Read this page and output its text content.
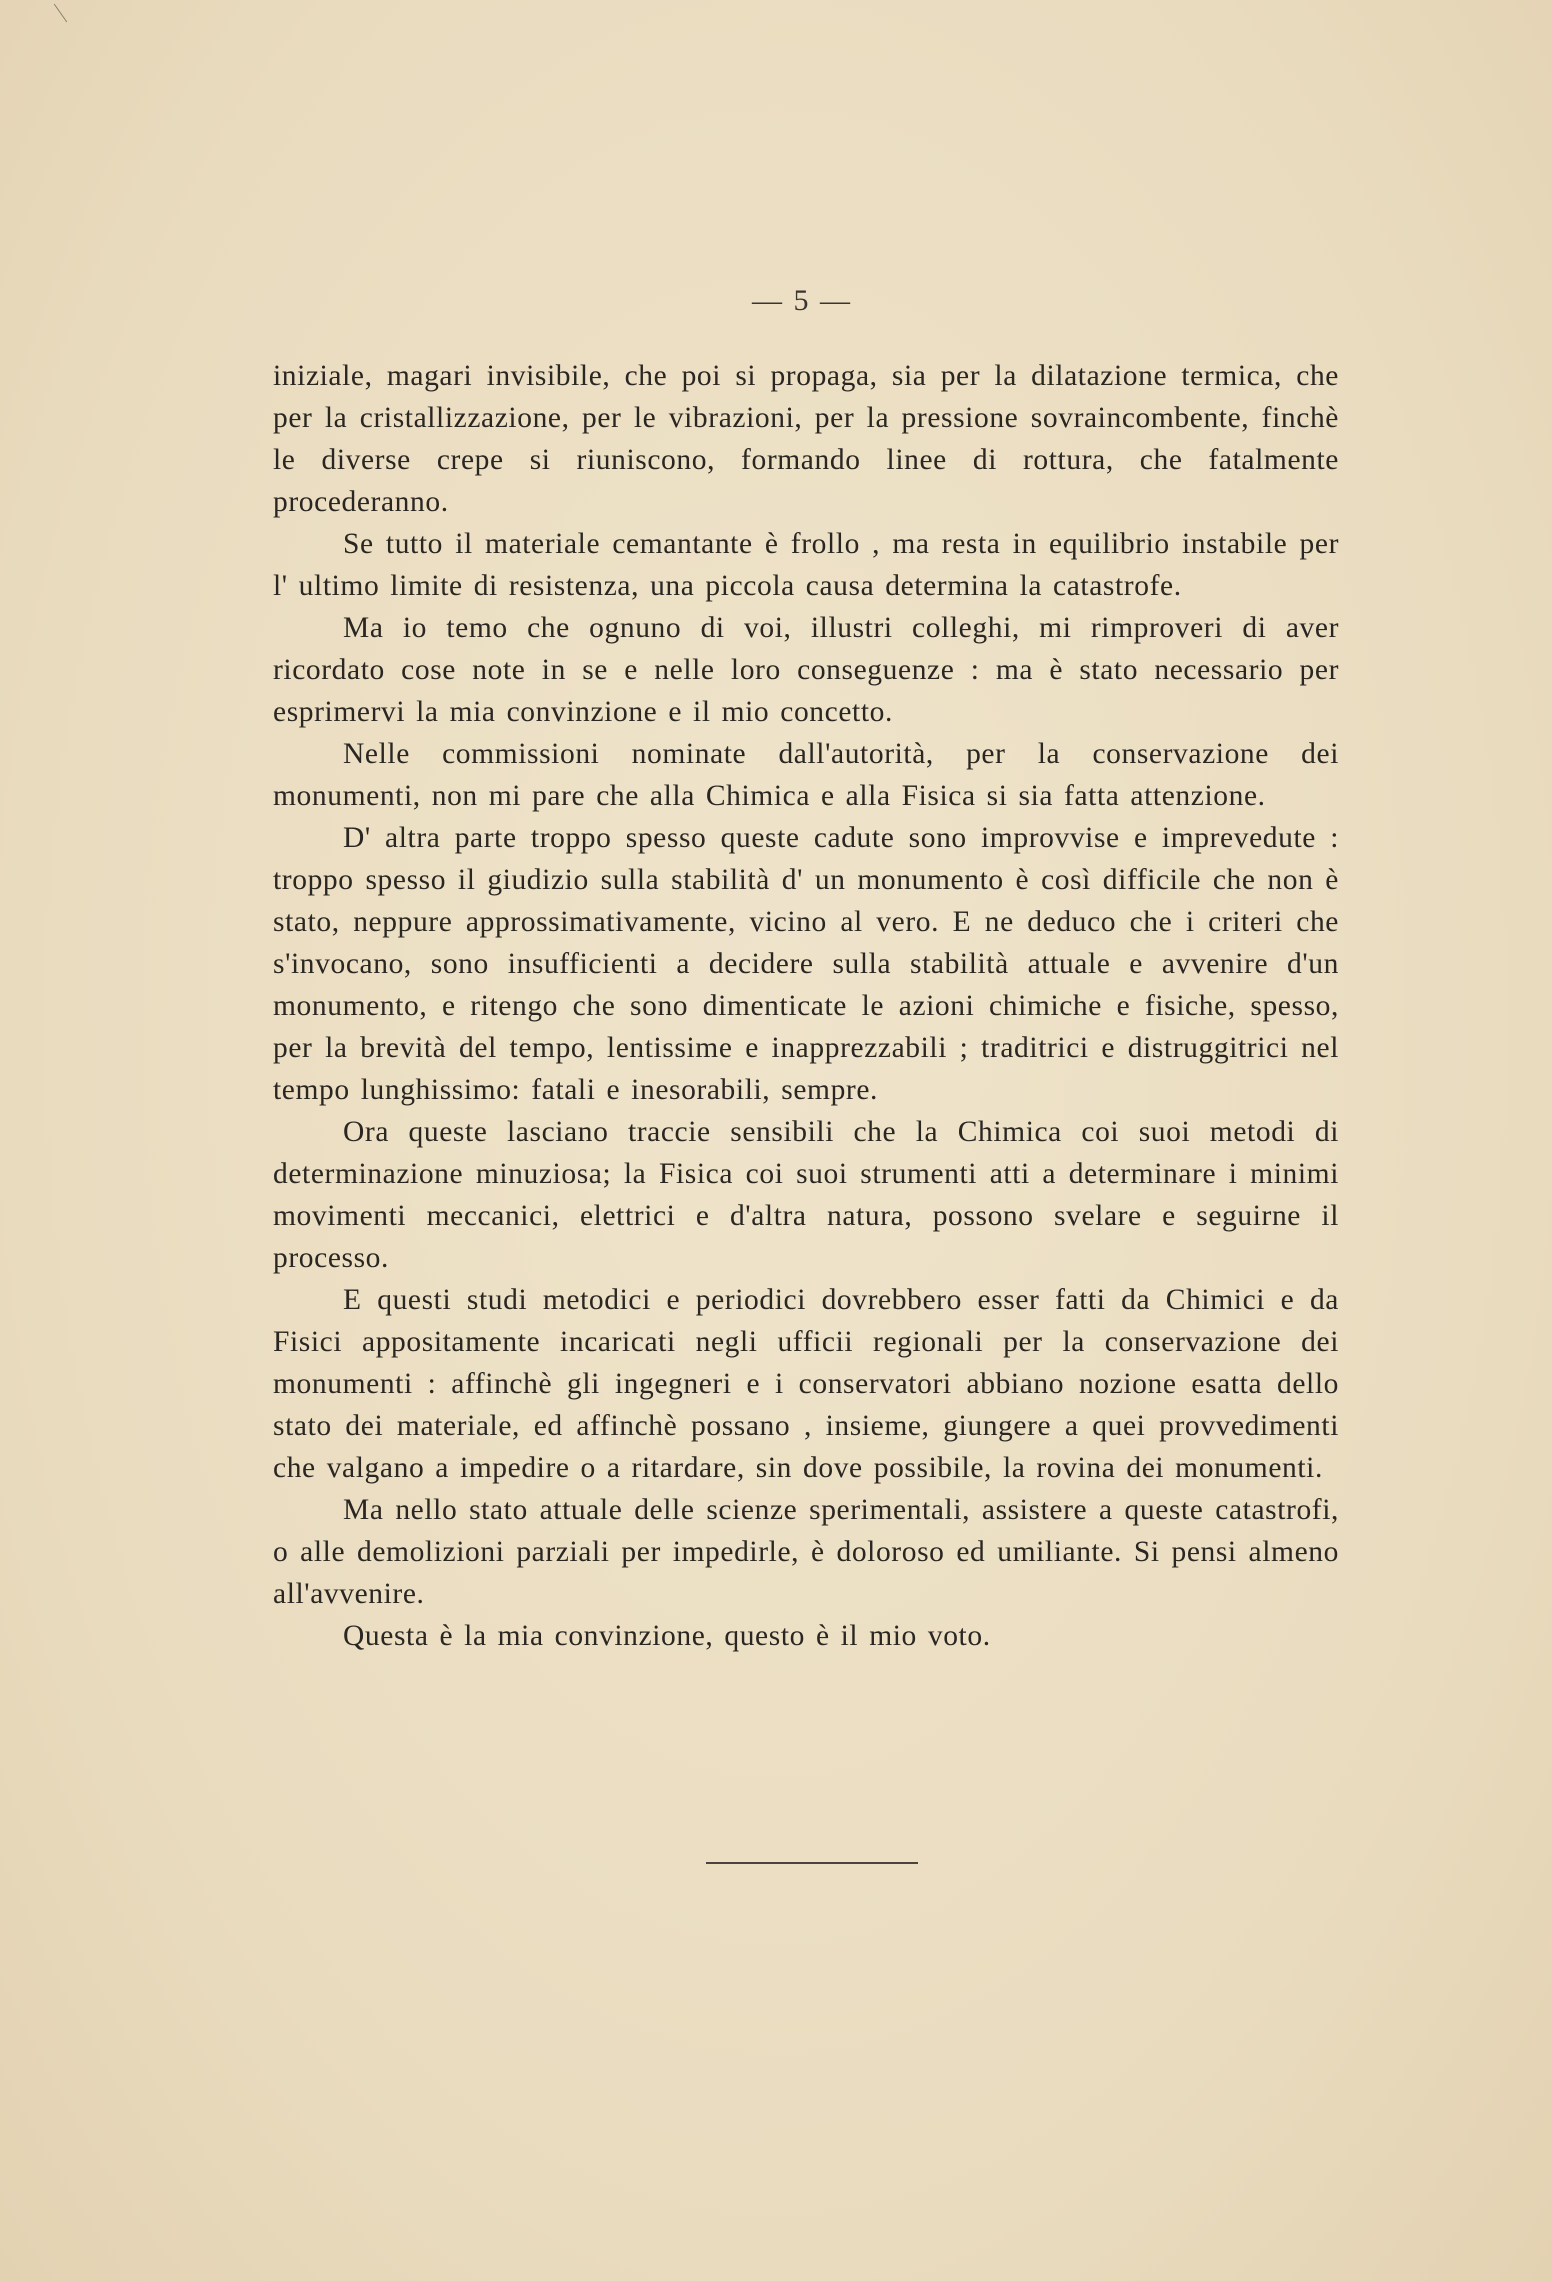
— 5 —

iniziale, magari invisibile, che poi si propaga, sia per la dilatazione termica, che per la cristallizzazione, per le vibrazioni, per la pressione sovraincombente, finchè le diverse crepe si riuniscono, formando linee di rottura, che fatalmente procederanno.

Se tutto il materiale cemantante è frollo , ma resta in equilibrio instabile per l' ultimo limite di resistenza, una piccola causa determina la catastrofe.

Ma io temo che ognuno di voi, illustri colleghi, mi rimproveri di aver ricordato cose note in se e nelle loro conseguenze : ma è stato necessario per esprimervi la mia convinzione e il mio concetto.

Nelle commissioni nominate dall'autorità, per la conservazione dei monumenti, non mi pare che alla Chimica e alla Fisica si sia fatta attenzione.

D' altra parte troppo spesso queste cadute sono improvvise e imprevedute : troppo spesso il giudizio sulla stabilità d' un monumento è così difficile che non è stato, neppure approssimativamente, vicino al vero. E ne deduco che i criteri che s'invocano, sono insufficienti a decidere sulla stabilità attuale e avvenire d'un monumento, e ritengo che sono dimenticate le azioni chimiche e fisiche, spesso, per la brevità del tempo, lentissime e inapprezzabili ; traditrici e distruggitrici nel tempo lunghissimo: fatali e inesorabili, sempre.

Ora queste lasciano traccie sensibili che la Chimica coi suoi metodi di determinazione minuziosa; la Fisica coi suoi strumenti atti a determinare i minimi movimenti meccanici, elettrici e d'altra natura, possono svelare e seguirne il processo.

E questi studi metodici e periodici dovrebbero esser fatti da Chimici e da Fisici appositamente incaricati negli ufficii regionali per la conservazione dei monumenti : affinchè gli ingegneri e i conservatori abbiano nozione esatta dello stato dei materiale, ed affinchè possano , insieme, giungere a quei provvedimenti che valgano a impedire o a ritardare, sin dove possibile, la rovina dei monumenti.

Ma nello stato attuale delle scienze sperimentali, assistere a queste catastrofi, o alle demolizioni parziali per impedirle, è doloroso ed umiliante. Si pensi almeno all'avvenire.

Questa è la mia convinzione, questo è il mio voto.
